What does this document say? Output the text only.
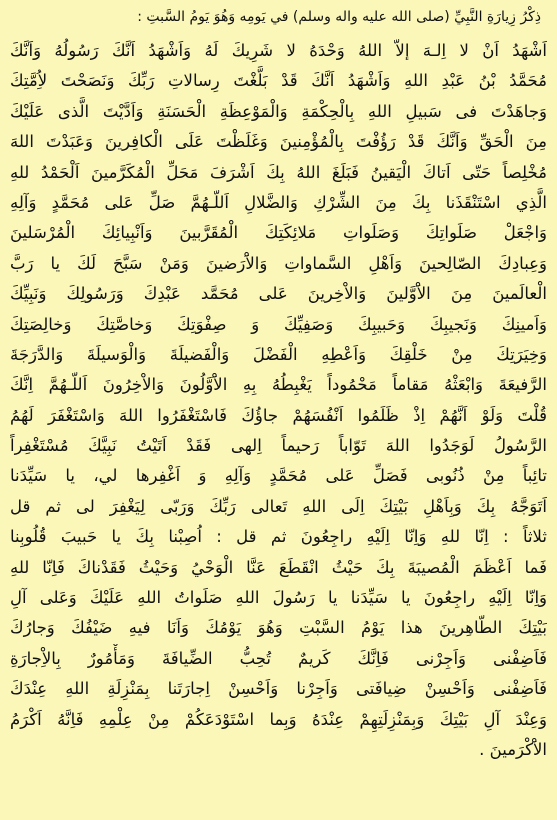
ذِكْرُ زِيارَةِ النَّبِيِّ (صلى الله عليه واله وسلم) في يَومِه وَهُوَ يَومُ السَّبتِ :
اَشْهَدُ اَنْ لا اِلـهَ إلاّ اللهُ وَحْدَهُ لا شَرِيكَ لَهُ وَاَشْهَدُ اَنَّكَ رَسُولُهُ وَاَنَّكَ
مُحَمَّدُ بْنُ عَبْدِ اللهِ وَاَشْهَدُ اَنَّكَ قَدْ بَلَّغْتَ رِسالاتِ رَبِّكَ وَنَصَحْتَ لاُِمَّتِكَ
وَجاهَدْتَ فى سَبيلِ اللهِ بِالْحِكْمَةِ وَالْمَوْعِظَةِ الْحَسَنَةِ وَاَدَّيْتَ الَّذى عَلَيْكَ
مِنَ الْحَقِّ وَاَنَّكَ قَدْ رَؤُفْتَ بِالْمُؤْمِنينَ وَغَلَظْتَ عَلَى الْكافِرينَ وَعَبَدْتَ اللهَ
مُخْلِصاً حَتّى اَتاكَ الْيَقينُ فَبَلَغَ اللهُ بِكَ اَشْرَفَ مَحَلِّ الْمُكَرَّمينَ اَلْحَمْدُ للهِ
الَّذِي اسْتَنْقَذَنا بِكَ مِنَ الشِّرْكِ وَالضَّلالِ اَللّـهُمَّ صَلِّ عَلى مُحَمَّدٍ وَآلِهِ
وَاجْعَلْ صَلَواتِكَ وَصَلَواتِ مَلائِكَتِكَ الْمُقَرَّبينَ وَاَنْبِيائِكَ الْمُرْسَلينَ
وَعِبادِكَ الصّالِحينَ وَاَهْلِ السَّماواتِ وَالاَْرَضينَ وَمَنْ سَبَّحَ لَكَ يا رَبَّ
الْعالَمينَ مِنَ الاَْوَّلينَ وَالاْخِرينَ عَلى مُحَمَّد عَبْدِكَ وَرَسُولِكَ وَنَبِيِّكَ
وَاَمينِكَ وَنَجيبِكَ وَحَبيبِكَ وَصَفِيِّكَ وَ صِفْوَتِكَ وَخاصَّتِكَ وَخالِصَتِكَ
وَخِيَرَتِكَ مِنْ خَلْقِكَ وَاَعْطِهِ الْفَضْلَ وَالْفَضيلَةَ وَالْوَسيلَةَ وَالدَّرَجَةَ
الرَّفيعَةَ وَابْعَثْهُ مَقاماً مَحْمُوداً يَغْبِطُهُ بِهِ الاَْوَّلُونَ وَالاْخِرُونَ اَللّـهُمَّ اِنَّكَ
قُلْتَ وَلَوْ اَنَّهُمْ اِذْ ظَلَمُوا اَنْفُسَهُمْ جاؤُكَ فَاسْتَغْفَرُوا اللهَ وَاسْتَغْفَرَ لَهُمُ
الرَّسُولُ لَوَجَدُوا اللهَ تَوّاباً رَحيماً اِلهى فَقَدْ اَتَيْتُ نَبِيَّكَ مُسْتَغْفِراً
تائِباً مِنْ ذُنُوبى فَصَلِّ عَلى مُحَمَّدٍ وَآلِهِ وَ اَغْفِرها لي، يا سَيِّدَنا
اَتَوَجَّهُ بِكَ وَبِاَهْلِ بَيْتِكَ اِلَى اللهِ تَعالى رَبِّكَ وَرَبّى لِيَغْفِرَ لى ثم قل
ثلاثاً : اِنّا للهِ وَاِنّا اِلَيْهِ راجِعُونَ ثم قل : اُصِبْنا بِكَ يا حَبيبَ قُلُوبِنا
فَما اَعْظَمَ الْمُصيبَةَ بِكَ حَيْثُ انْقَطَعَ عَنَّا الْوَحْيُ وَحَيْثُ فَقَدْناكَ فَاِنّا للهِ
وَاِنّا اِلَيْهِ راجِعُونَ يا سَيِّدَنا يا رَسُولَ اللهِ صَلَواتُ اللهِ عَلَيْكَ وَعَلى آلِ
بَيْتِكَ الطّاهِرينَ هذا يَوْمُ السَّبْتِ وَهُوَ يَوْمُكَ وَاَنَا فيهِ ضَيْفُكَ وَجارُكَ
فَاَضِفْنى وَاَجِرْنى فَاِنَّكَ كَريمٌ تُحِبُّ الضِّيافَةَ وَمَأْمُورٌ بِالاِْجارَةِ
فَاَضِفْنى وَاَحْسِنْ ضِيافَتى وَاَجِرْنا وَاَحْسِنْ اِجارَتَنا بِمَنْزِلَةِ اللهِ عِنْدَكَ
وَعِنْدَ آلِ بَيْتِكَ وَبِمَنْزِلَتِهِمْ عِنْدَهُ وَبِما اسْتَوْدَعَكُمْ مِنْ عِلْمِهِ فَاِنَّهُ اَكْرَمُ
الاَْكْرَمينَ .
